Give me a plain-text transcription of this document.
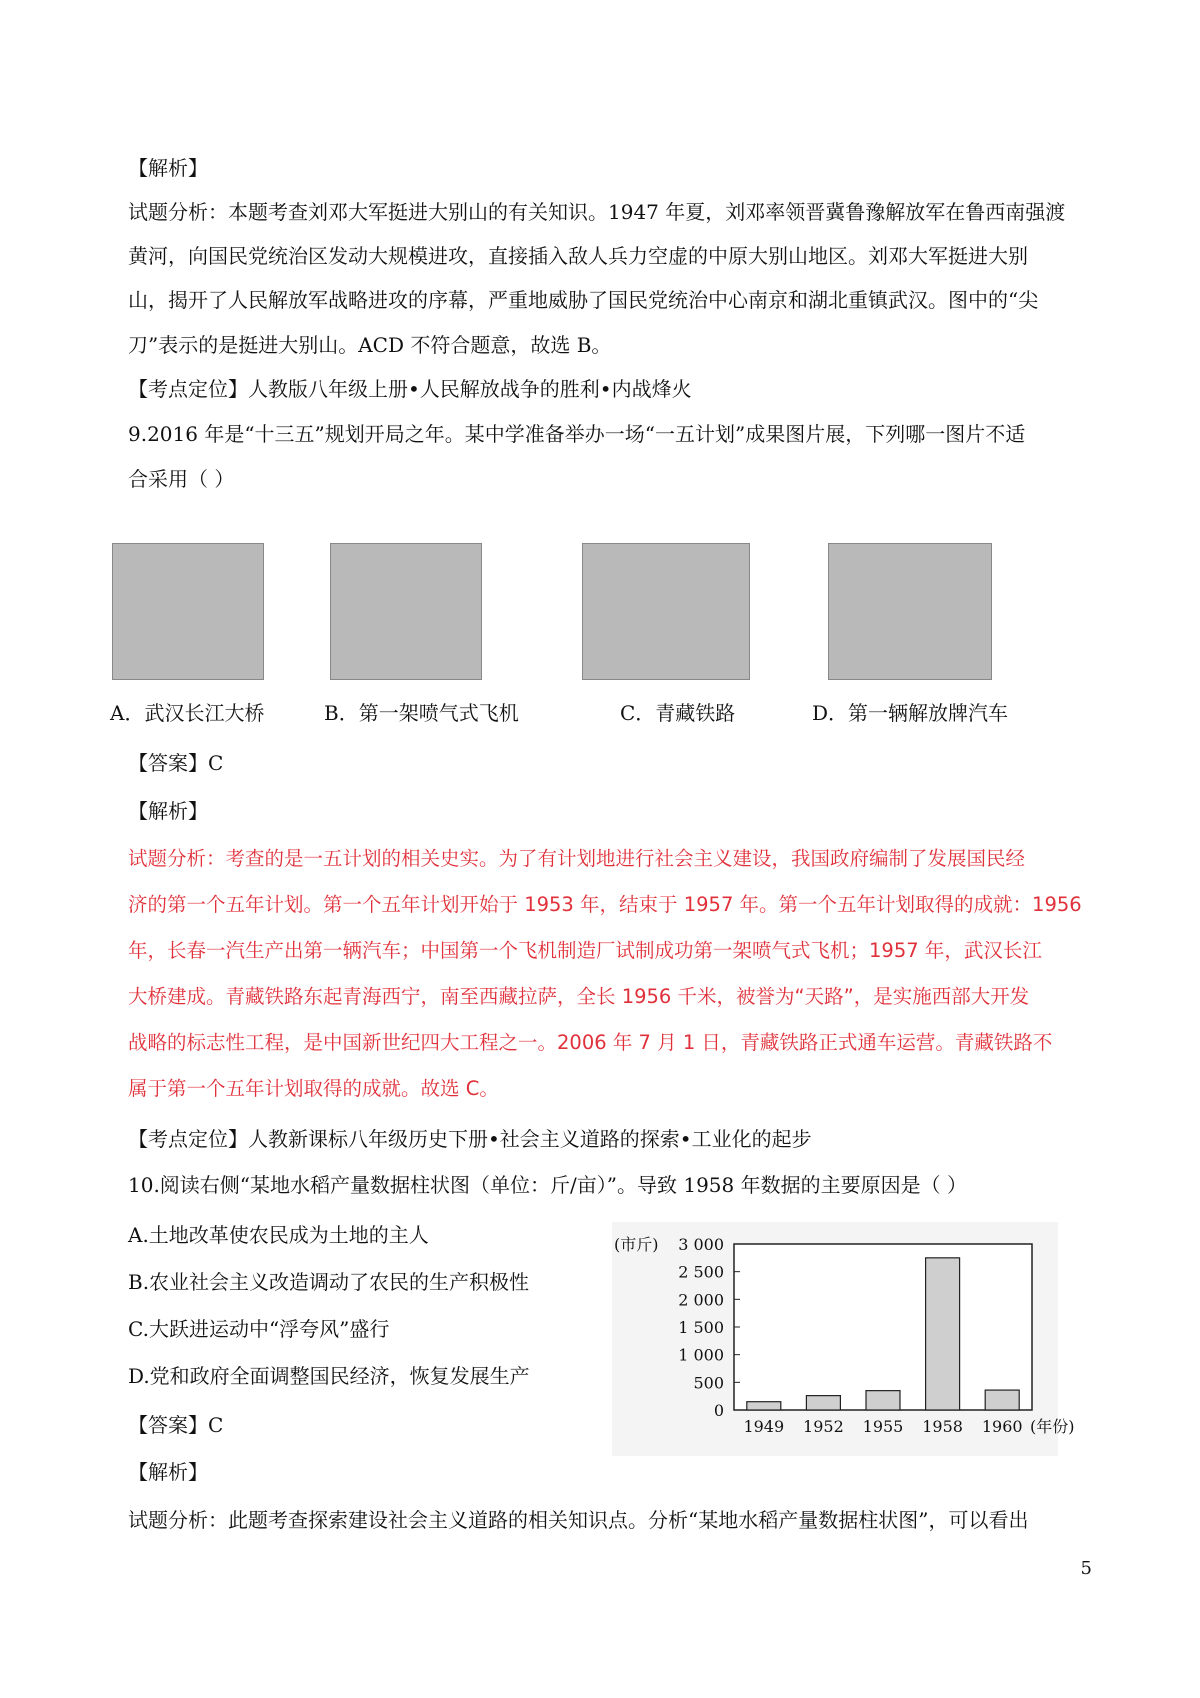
【解析】
试题分析：本题考查刘邓大军挺进大别山的有关知识。1947 年夏，刘邓率领晋冀鲁豫解放军在鲁西南强渡
黄河，向国民党统治区发动大规模进攻，直接插入敌人兵力空虚的中原大别山地区。刘邓大军挺进大别
山，揭开了人民解放军战略进攻的序幕，严重地威胁了国民党统治中心南京和湖北重镇武汉。图中的“尖
刀”表示的是挺进大别山。ACD 不符合题意，故选 B。
【考点定位】人教版八年级上册•人民解放战争的胜利•内战烽火
9.2016 年是“十三五”规划开局之年。某中学准备举办一场“一五计划”成果图片展，下列哪一图片不适
合采用（ ）
A．武汉长江大桥	B．第一架喷气式飞机	C．青藏铁路	D．第一辆解放牌汽车
【答案】C
【解析】
试题分析：考查的是一五计划的相关史实。为了有计划地进行社会主义建设，我国政府编制了发展国民经
济的第一个五年计划。第一个五年计划开始于 1953 年，结束于 1957 年。第一个五年计划取得的成就：1956
年，长春一汽生产出第一辆汽车；中国第一个飞机制造厂试制成功第一架喷气式飞机；1957 年，武汉长江
大桥建成。青藏铁路东起青海西宁，南至西藏拉萨，全长 1956 千米，被誉为“天路”，是实施西部大开发
战略的标志性工程，是中国新世纪四大工程之一。2006 年 7 月 1 日，青藏铁路正式通车运营。青藏铁路不
属于第一个五年计划取得的成就。故选 C。
【考点定位】人教新课标八年级历史下册•社会主义道路的探索•工业化的起步
10.阅读右侧“某地水稻产量数据柱状图（单位：斤/亩）”。导致 1958 年数据的主要原因是（ ）
A.土地改革使农民成为土地的主人
B.农业社会主义改造调动了农民的生产积极性
C.大跃进运动中“浮夸风”盛行
D.党和政府全面调整国民经济，恢复发展生产
(市斤) 3 000
2 500
2 000
1 500
1 000
500
0
1949 1952 1955 1958 1960 (年份)
【答案】C
【解析】
试题分析：此题考查探索建设社会主义道路的相关知识点。分析“某地水稻产量数据柱状图”，可以看出
5
